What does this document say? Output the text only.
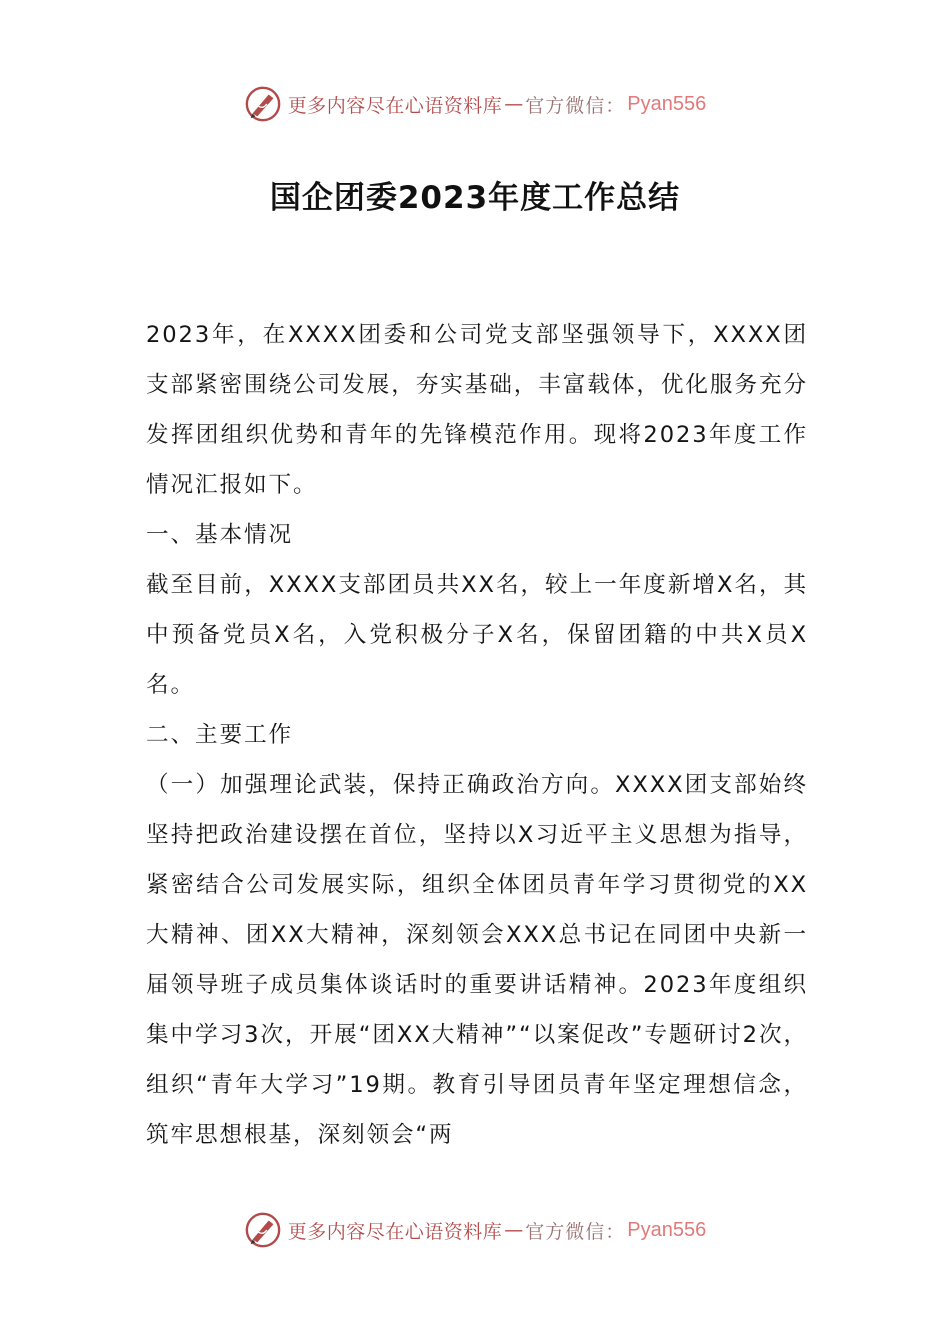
更多内容尽在心语资料库 — 官方微信： Pyan556
国企团委2023年度工作总结

2023年，在XXXX团委和公司党支部坚强领导下，XXXX团支部紧密围绕公司发展，夯实基础，丰富载体，优化服务充分发挥团组织优势和青年的先锋模范作用。现将2023年度工作情况汇报如下。

一、基本情况

截至目前，XXXX支部团员共XX名，较上一年度新增X名，其中预备党员X名，入党积极分子X名，保留团籍的中共X员X名。

二、主要工作

（一）加强理论武装，保持正确政治方向。XXXX团支部始终坚持把政治建设摆在首位，坚持以X习近平主义思想为指导，紧密结合公司发展实际，组织全体团员青年学习贯彻党的XX大精神、团XX大精神，深刻领会XXX总书记在同团中央新一届领导班子成员集体谈话时的重要讲话精神。2023年度组织集中学习3次，开展“团XX大精神”“以案促改”专题研讨2次，组织“青年大学习”19期。教育引导团员青年坚定理想信念，筑牢思想根基，深刻领会“两

更多内容尽在心语资料库 — 官方微信： Pyan556
